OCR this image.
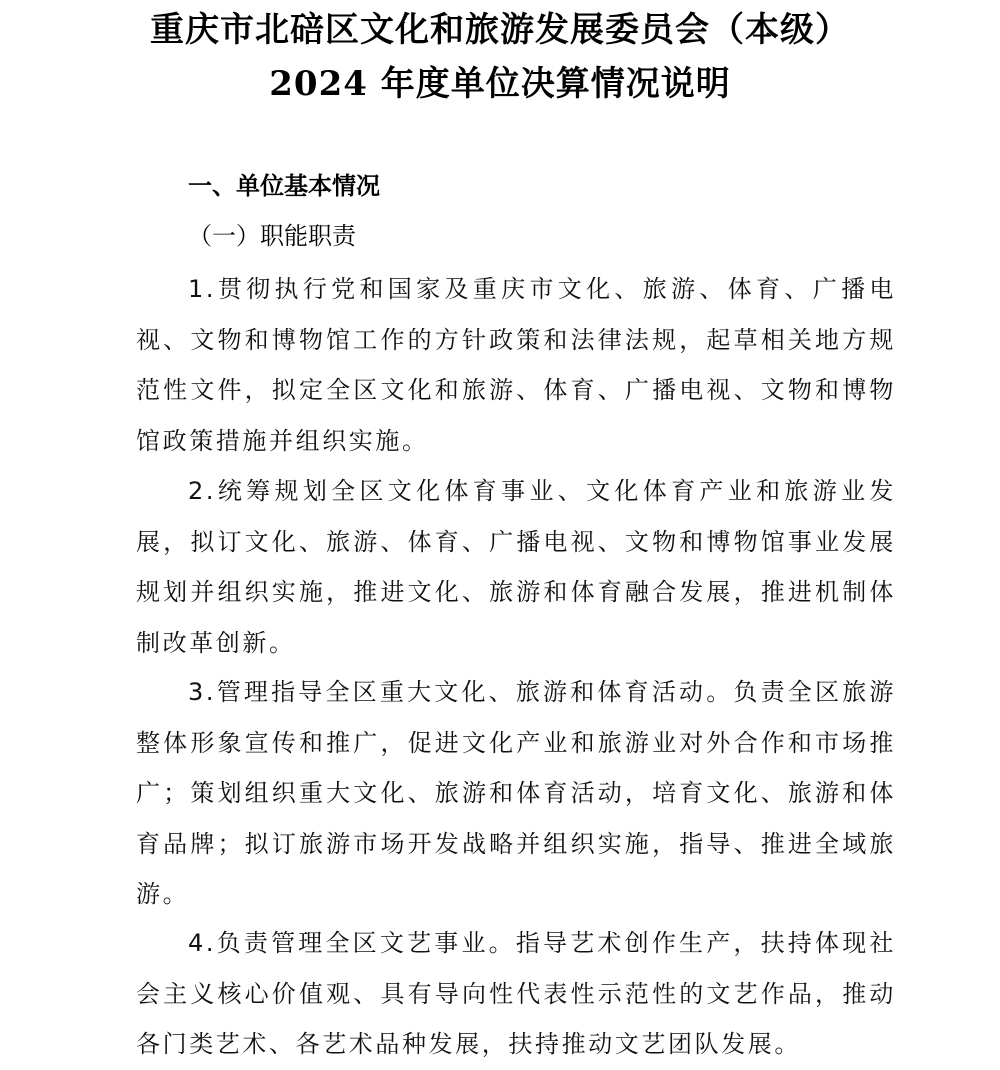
重庆市北碚区文化和旅游发展委员会（本级）
2024 年度单位决算情况说明
一、单位基本情况
（一）职能职责

1.贯彻执行党和国家及重庆市文化、旅游、体育、广播电视、文物和博物馆工作的方针政策和法律法规，起草相关地方规范性文件，拟定全区文化和旅游、体育、广播电视、文物和博物馆政策措施并组织实施。

2.统筹规划全区文化体育事业、文化体育产业和旅游业发展，拟订文化、旅游、体育、广播电视、文物和博物馆事业发展规划并组织实施，推进文化、旅游和体育融合发展，推进机制体制改革创新。

3.管理指导全区重大文化、旅游和体育活动。负责全区旅游整体形象宣传和推广，促进文化产业和旅游业对外合作和市场推广；策划组织重大文化、旅游和体育活动，培育文化、旅游和体育品牌；拟订旅游市场开发战略并组织实施，指导、推进全域旅游。

4.负责管理全区文艺事业。指导艺术创作生产，扶持体现社会主义核心价值观、具有导向性代表性示范性的文艺作品，推动各门类艺术、各艺术品种发展，扶持推动文艺团队发展。
